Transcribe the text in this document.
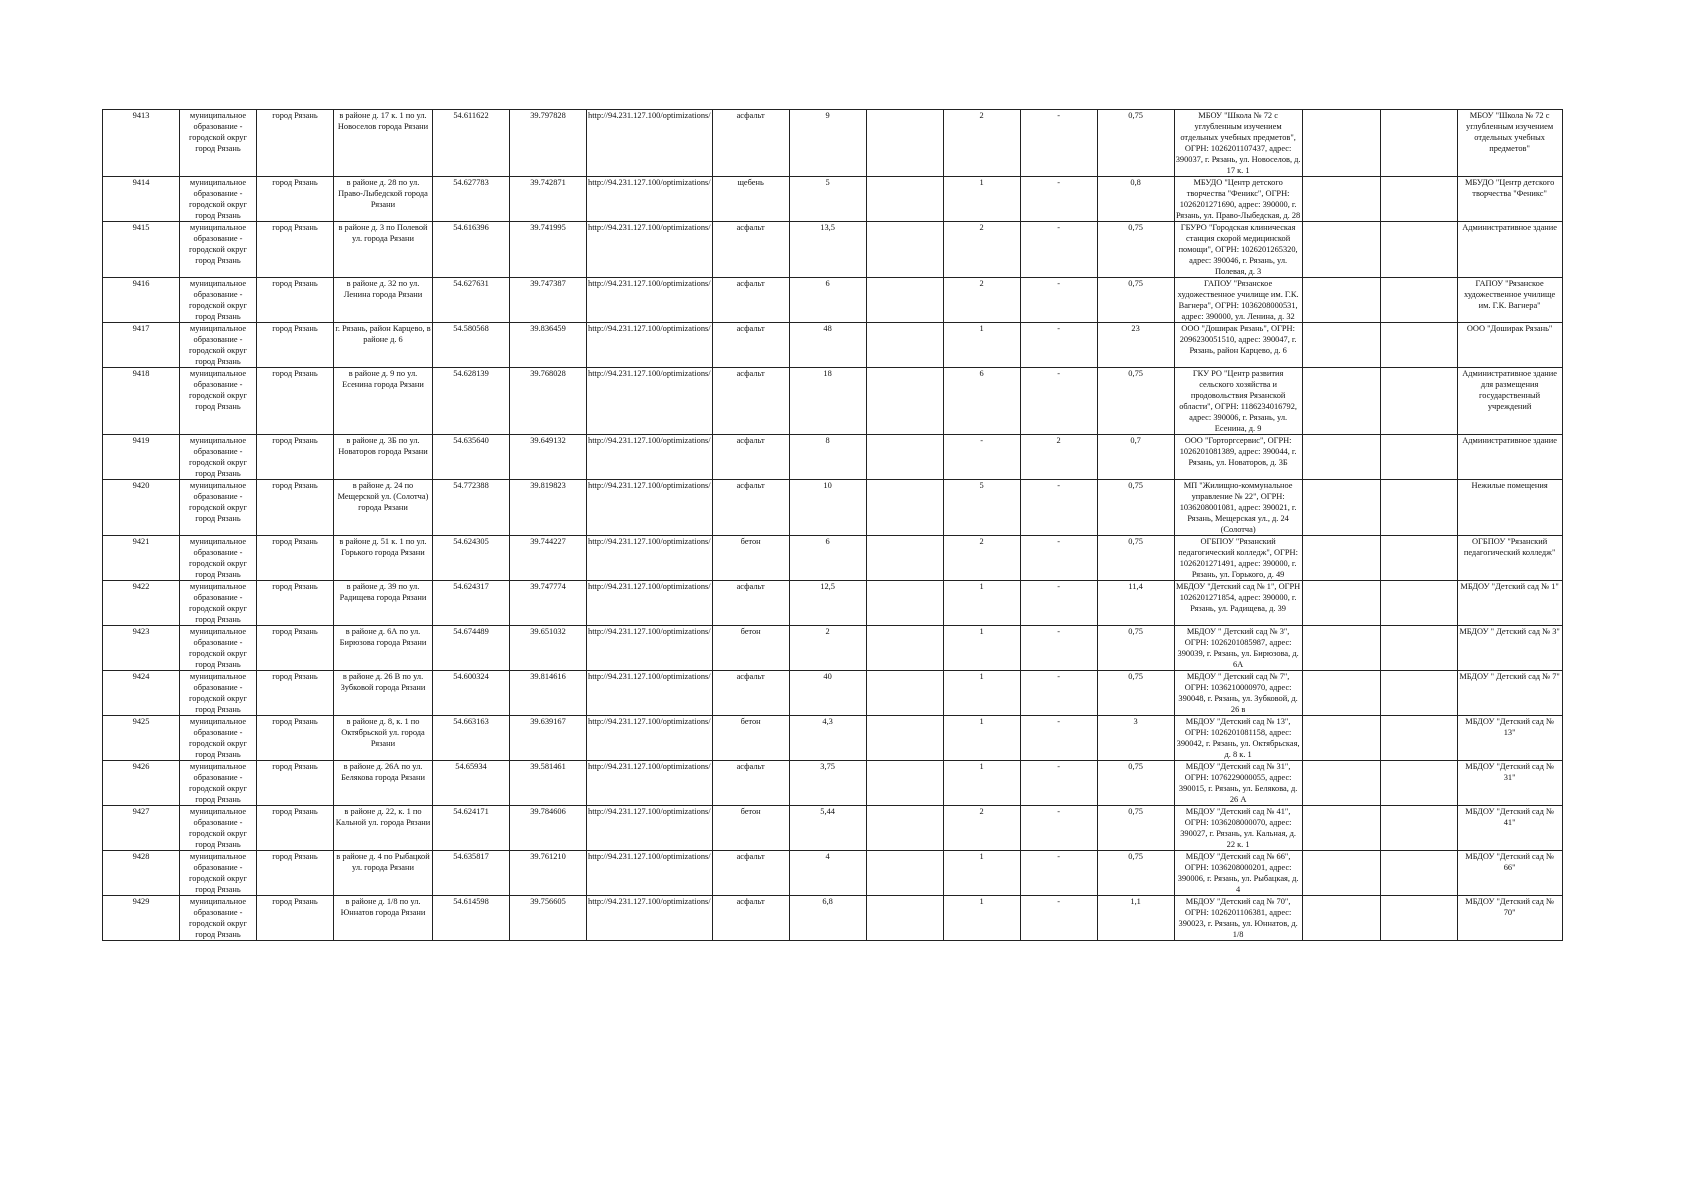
9413	муниципальное образование - городской округ город Рязань	город Рязань	в районе д. 17 к. 1 по ул. Новоселов города Рязани	54.611622	39.797828	http://94.231.127.100/optimizations/	асфальт	9		2	-	0,75	МБОУ "Школа № 72 с углубленным изучением отдельных учебных предметов", ОГРН: 1026201107437, адрес: 390037, г. Рязань, ул. Новоселов, д. 17 к. 1			МБОУ "Школа № 72 с углубленным изучением отдельных учебных предметов"
9414	муниципальное образование - городской округ город Рязань	город Рязань	в районе д. 28 по ул. Право-Лыбедской города Рязани	54.627783	39.742871	http://94.231.127.100/optimizations/	щебень	5		1	-	0,8	МБУДО "Центр детского творчества "Феникс", ОГРН: 1026201271690, адрес: 390000, г. Рязань, ул. Право-Лыбедская, д. 28			МБУДО "Центр детского творчества "Феникс"
9415	муниципальное образование - городской округ город Рязань	город Рязань	в районе д. 3 по Полевой ул. города Рязани	54.616396	39.741995	http://94.231.127.100/optimizations/	асфальт	13,5		2	-	0,75	ГБУРО "Городская клиническая станция скорой медицинской помощи", ОГРН: 1026201265320, адрес: 390046, г. Рязань, ул. Полевая, д. 3			Административное здание
9416	муниципальное образование - городской округ город Рязань	город Рязань	в районе д. 32 по ул. Ленина города Рязани	54.627631	39.747387	http://94.231.127.100/optimizations/	асфальт	6		2	-	0,75	ГАПОУ "Рязанское художественное училище им. Г.К. Вагнера", ОГРН: 1036208000531, адрес: 390000, ул. Ленина, д. 32			ГАПОУ "Рязанское художественное училище им. Г.К. Вагнера"
9417	муниципальное образование - городской округ город Рязань	город Рязань	г. Рязань, район Карцево, в районе д. 6	54.580568	39.836459	http://94.231.127.100/optimizations/	асфальт	48		1	-	23	ООО "Доширак Рязань", ОГРН: 2096230051510, адрес: 390047, г. Рязань, район Карцево, д. 6			ООО "Доширак Рязань"
9418	муниципальное образование - городской округ город Рязань	город Рязань	в районе д. 9 по ул. Есенина города Рязани	54.628139	39.768028	http://94.231.127.100/optimizations/	асфальт	18		6	-	0,75	ГКУ РО "Центр развития сельского хозяйства и продовольствия Рязанской области", ОГРН: 1186234016792, адрес: 390006, г. Рязань, ул. Есенина, д. 9			Административное здание для размещения государственный учреждений
9419	муниципальное образование - городской округ город Рязань	город Рязань	в районе д. 3Б по ул. Новаторов города Рязани	54.635640	39.649132	http://94.231.127.100/optimizations/	асфальт	8		-	2	0,7	ООО "Горторгсервис", ОГРН: 1026201081389, адрес: 390044, г. Рязань, ул. Новаторов, д. 3Б			Административное здание
9420	муниципальное образование - городской округ город Рязань	город Рязань	в районе д. 24 по Мещерской ул. (Солотча) города Рязани	54.772388	39.819823	http://94.231.127.100/optimizations/	асфальт	10		5	-	0,75	МП "Жилищно-коммунальное управление № 22", ОГРН: 1036208001081, адрес: 390021, г. Рязань, Мещерская ул., д. 24 (Солотча)			Нежилые помещения
9421	муниципальное образование - городской округ город Рязань	город Рязань	в районе д. 51 к. 1 по ул. Горького города Рязани	54.624305	39.744227	http://94.231.127.100/optimizations/	бетон	6		2	-	0,75	ОГБПОУ "Рязанский педагогический колледж", ОГРН: 1026201271491, адрес: 390000, г. Рязань, ул. Горького, д. 49			ОГБПОУ "Рязанский педагогический колледж"
9422	муниципальное образование - городской округ город Рязань	город Рязань	в районе д. 39 по ул. Радищева города Рязани	54.624317	39.747774	http://94.231.127.100/optimizations/	асфальт	12,5		1	-	11,4	МБДОУ "Детский сад № 1", ОГРН 1026201271854, адрес: 390000, г. Рязань, ул. Радищева, д. 39			МБДОУ "Детский сад № 1"
9423	муниципальное образование - городской округ город Рязань	город Рязань	в районе д. 6А по ул. Бирюзова города Рязани	54.674489	39.651032	http://94.231.127.100/optimizations/	бетон	2		1	-	0,75	МБДОУ " Детский сад № 3", ОГРН: 1026201085987, адрес: 390039, г. Рязань, ул. Бирюзова, д. 6А			МБДОУ " Детский сад № 3"
9424	муниципальное образование - городской округ город Рязань	город Рязань	в районе д. 26 В по ул. Зубковой города Рязани	54.600324	39.814616	http://94.231.127.100/optimizations/	асфальт	40		1	-	0,75	МБДОУ " Детский сад № 7", ОГРН: 1036210000970, адрес: 390048, г. Рязань, ул. Зубковой, д. 26 в			МБДОУ " Детский сад № 7"
9425	муниципальное образование - городской округ город Рязань	город Рязань	в районе д. 8, к. 1 по Октябрьской ул. города Рязани	54.663163	39.639167	http://94.231.127.100/optimizations/	бетон	4,3		1	-	3	МБДОУ "Детский сад № 13", ОГРН: 1026201081158, адрес: 390042, г. Рязань, ул. Октябрьская, д. 8 к. 1			МБДОУ "Детский сад № 13"
9426	муниципальное образование - городской округ город Рязань	город Рязань	в районе д. 26А по ул. Белякова города Рязани	54.65934	39.581461	http://94.231.127.100/optimizations/	асфальт	3,75		1	-	0,75	МБДОУ "Детский сад № 31", ОГРН: 1076229000055, адрес: 390015, г. Рязань, ул. Белякова, д. 26 А			МБДОУ "Детский сад № 31"
9427	муниципальное образование - городской округ город Рязань	город Рязань	в районе д. 22, к. 1 по Кальной ул. города Рязани	54.624171	39.784606	http://94.231.127.100/optimizations/	бетон	5,44		2	-	0,75	МБДОУ "Детский сад № 41", ОГРН: 1036208000070, адрес: 390027, г. Рязань, ул. Кальная, д. 22 к. 1			МБДОУ "Детский сад № 41"
9428	муниципальное образование - городской округ город Рязань	город Рязань	в районе д. 4 по Рыбацкой ул. города Рязани	54.635817	39.761210	http://94.231.127.100/optimizations/	асфальт	4		1	-	0,75	МБДОУ "Детский сад № 66", ОГРН: 1036208000201, адрес: 390006, г. Рязань, ул. Рыбацкая, д. 4			МБДОУ "Детский сад № 66"
9429	муниципальное образование - городской округ город Рязань	город Рязань	в районе д. 1/8 по ул. Юннатов города Рязани	54.614598	39.756605	http://94.231.127.100/optimizations/	асфальт	6,8		1	-	1,1	МБДОУ "Детский сад № 70", ОГРН: 1026201106381, адрес: 390023, г. Рязань, ул. Юннатов, д. 1/8			МБДОУ "Детский сад № 70"
